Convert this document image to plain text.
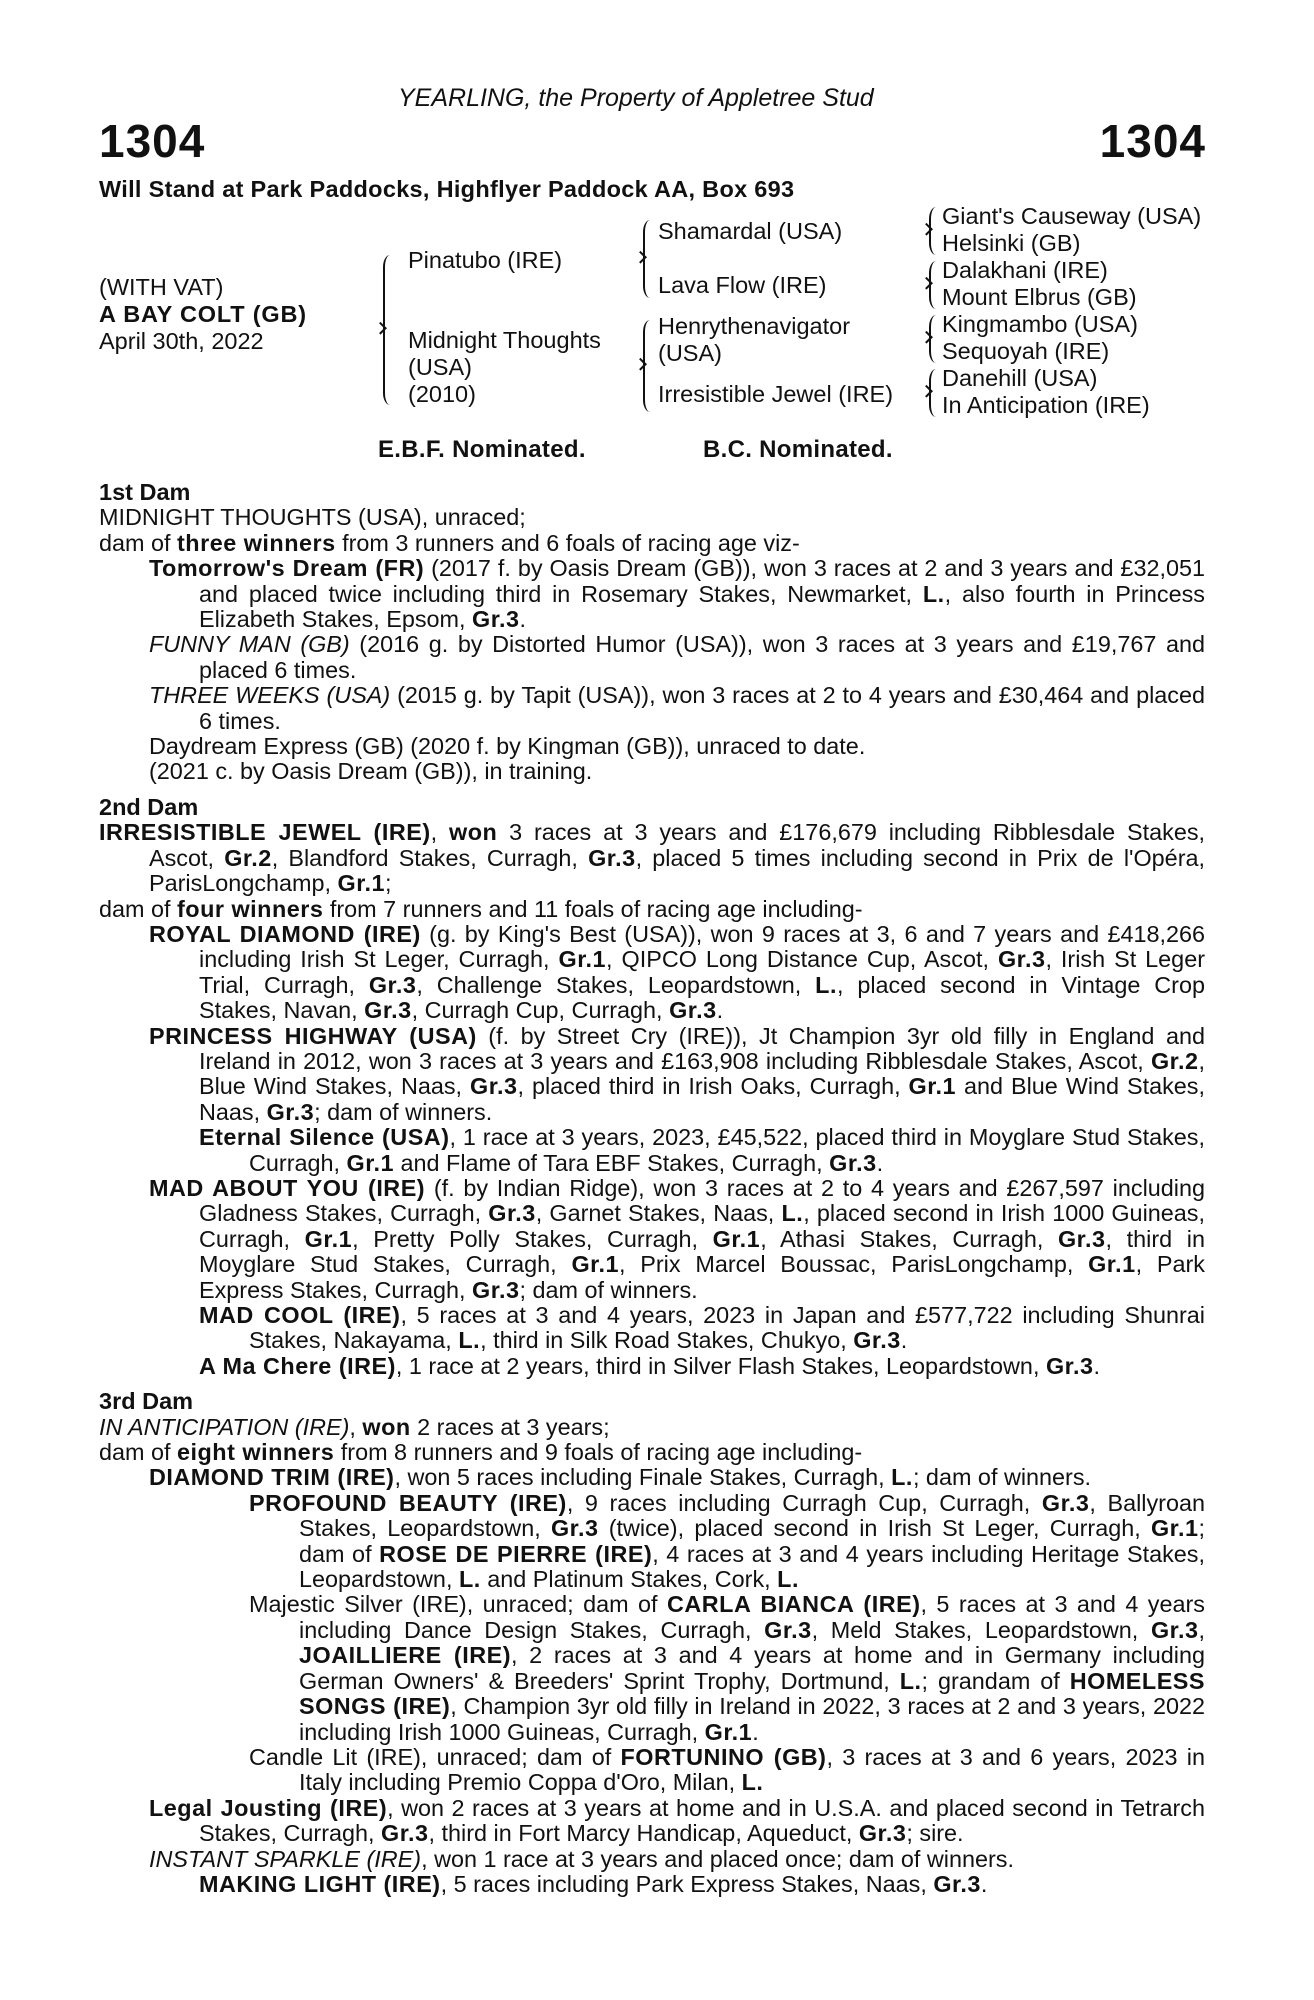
YEARLING, the Property of Appletree Stud
1304	1304
Will Stand at Park Paddocks, Highflyer Paddock AA, Box 693
(WITH VAT)
A BAY COLT (GB)
April 30th, 2022
Pinatubo (IRE)
Midnight Thoughts
(USA)
(2010)
Shamardal (USA)
Lava Flow (IRE)
Henrythenavigator
(USA)
Irresistible Jewel (IRE)
Giant's Causeway (USA)
Helsinki (GB)
Dalakhani (IRE)
Mount Elbrus (GB)
Kingmambo (USA)
Sequoyah (IRE)
Danehill (USA)
In Anticipation (IRE)
E.B.F. Nominated.	B.C. Nominated.
1st Dam

MIDNIGHT THOUGHTS (USA), unraced;

dam of three winners from 3 runners and 6 foals of racing age viz-

Tomorrow's Dream (FR) (2017 f. by Oasis Dream (GB)), won 3 races at 2 and 3 years and £32,051 and placed twice including third in Rosemary Stakes, Newmarket, L., also fourth in Princess Elizabeth Stakes, Epsom, Gr.3.

FUNNY MAN (GB) (2016 g. by Distorted Humor (USA)), won 3 races at 3 years and £19,767 and placed 6 times.

THREE WEEKS (USA) (2015 g. by Tapit (USA)), won 3 races at 2 to 4 years and £30,464 and placed 6 times.

Daydream Express (GB) (2020 f. by Kingman (GB)), unraced to date.

(2021 c. by Oasis Dream (GB)), in training.

2nd Dam

IRRESISTIBLE JEWEL (IRE), won 3 races at 3 years and £176,679 including Ribblesdale Stakes, Ascot, Gr.2, Blandford Stakes, Curragh, Gr.3, placed 5 times including second in Prix de l'Opéra, ParisLongchamp, Gr.1;

dam of four winners from 7 runners and 11 foals of racing age including-

ROYAL DIAMOND (IRE) (g. by King's Best (USA)), won 9 races at 3, 6 and 7 years and £418,266 including Irish St Leger, Curragh, Gr.1, QIPCO Long Distance Cup, Ascot, Gr.3, Irish St Leger Trial, Curragh, Gr.3, Challenge Stakes, Leopardstown, L., placed second in Vintage Crop Stakes, Navan, Gr.3, Curragh Cup, Curragh, Gr.3.

PRINCESS HIGHWAY (USA) (f. by Street Cry (IRE)), Jt Champion 3yr old filly in England and Ireland in 2012, won 3 races at 3 years and £163,908 including Ribblesdale Stakes, Ascot, Gr.2, Blue Wind Stakes, Naas, Gr.3, placed third in Irish Oaks, Curragh, Gr.1 and Blue Wind Stakes, Naas, Gr.3; dam of winners.

Eternal Silence (USA), 1 race at 3 years, 2023, £45,522, placed third in Moyglare Stud Stakes, Curragh, Gr.1 and Flame of Tara EBF Stakes, Curragh, Gr.3.

MAD ABOUT YOU (IRE) (f. by Indian Ridge), won 3 races at 2 to 4 years and £267,597 including Gladness Stakes, Curragh, Gr.3, Garnet Stakes, Naas, L., placed second in Irish 1000 Guineas, Curragh, Gr.1, Pretty Polly Stakes, Curragh, Gr.1, Athasi Stakes, Curragh, Gr.3, third in Moyglare Stud Stakes, Curragh, Gr.1, Prix Marcel Boussac, ParisLongchamp, Gr.1, Park Express Stakes, Curragh, Gr.3; dam of winners.

MAD COOL (IRE), 5 races at 3 and 4 years, 2023 in Japan and £577,722 including Shunrai Stakes, Nakayama, L., third in Silk Road Stakes, Chukyo, Gr.3.

A Ma Chere (IRE), 1 race at 2 years, third in Silver Flash Stakes, Leopardstown, Gr.3.

3rd Dam

IN ANTICIPATION (IRE), won 2 races at 3 years;

dam of eight winners from 8 runners and 9 foals of racing age including-

DIAMOND TRIM (IRE), won 5 races including Finale Stakes, Curragh, L.; dam of winners.

PROFOUND BEAUTY (IRE), 9 races including Curragh Cup, Curragh, Gr.3, Ballyroan Stakes, Leopardstown, Gr.3 (twice), placed second in Irish St Leger, Curragh, Gr.1; dam of ROSE DE PIERRE (IRE), 4 races at 3 and 4 years including Heritage Stakes, Leopardstown, L. and Platinum Stakes, Cork, L.

Majestic Silver (IRE), unraced; dam of CARLA BIANCA (IRE), 5 races at 3 and 4 years including Dance Design Stakes, Curragh, Gr.3, Meld Stakes, Leopardstown, Gr.3, JOAILLIERE (IRE), 2 races at 3 and 4 years at home and in Germany including German Owners' & Breeders' Sprint Trophy, Dortmund, L.; grandam of HOMELESS SONGS (IRE), Champion 3yr old filly in Ireland in 2022, 3 races at 2 and 3 years, 2022 including Irish 1000 Guineas, Curragh, Gr.1.

Candle Lit (IRE), unraced; dam of FORTUNINO (GB), 3 races at 3 and 6 years, 2023 in Italy including Premio Coppa d'Oro, Milan, L.

Legal Jousting (IRE), won 2 races at 3 years at home and in U.S.A. and placed second in Tetrarch Stakes, Curragh, Gr.3, third in Fort Marcy Handicap, Aqueduct, Gr.3; sire.

INSTANT SPARKLE (IRE), won 1 race at 3 years and placed once; dam of winners.

MAKING LIGHT (IRE), 5 races including Park Express Stakes, Naas, Gr.3.
